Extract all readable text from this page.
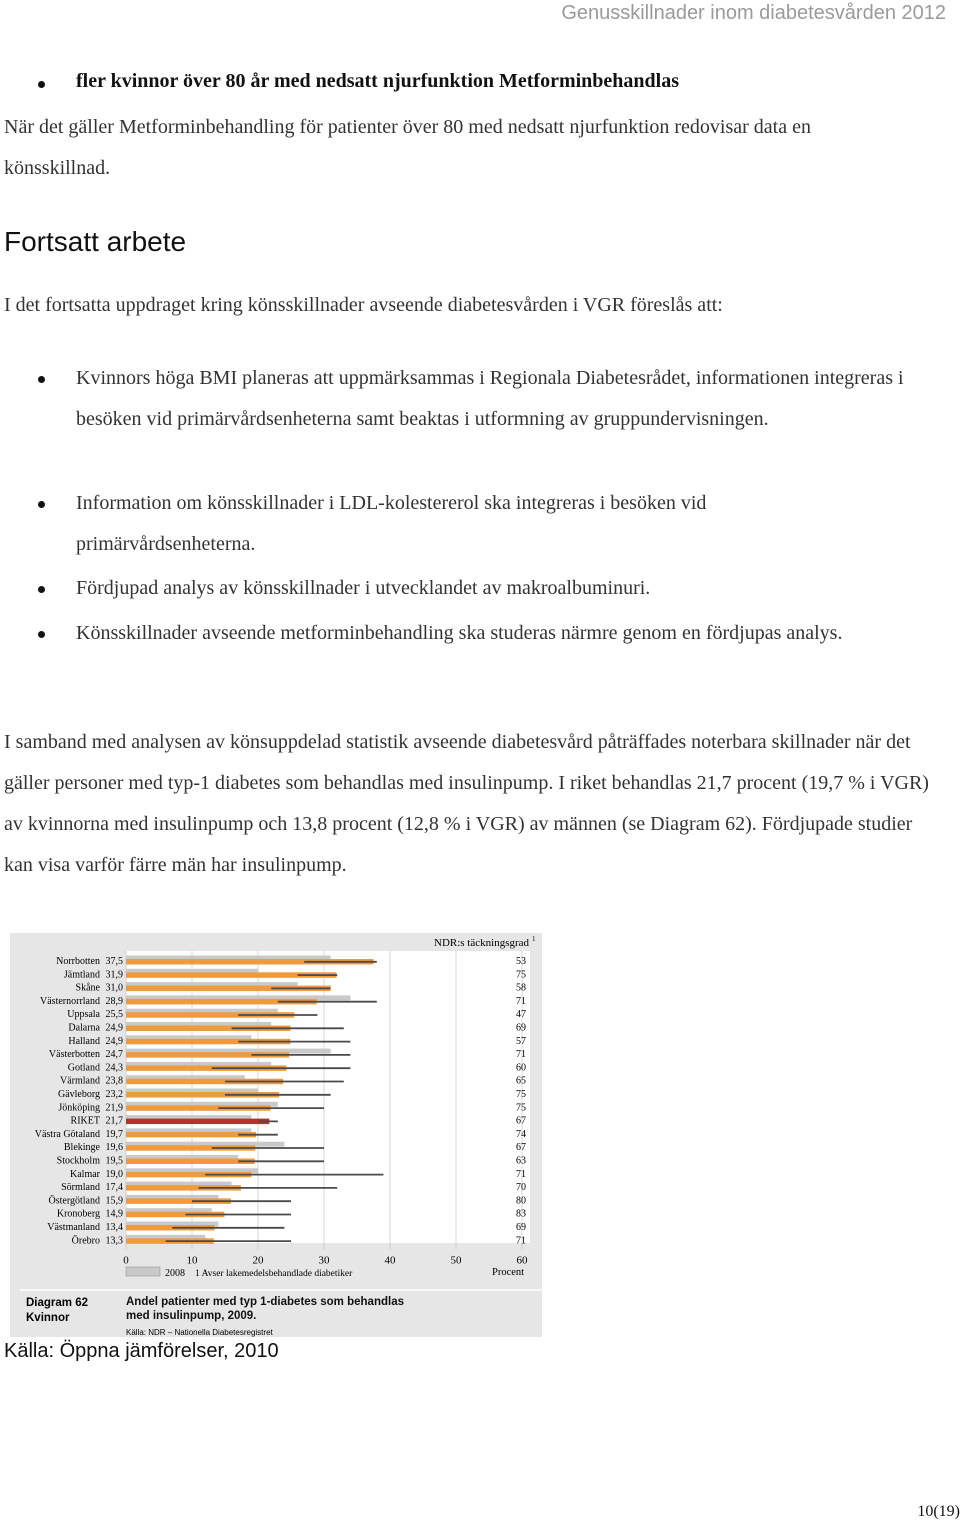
Genusskillnader inom diabetesvården 2012
fler kvinnor över 80 år med nedsatt njurfunktion Metforminbehandlas

När det gäller Metforminbehandling för patienter över 80 med nedsatt njurfunktion redovisar data en

könsskillnad.

Fortsatt arbete

I det fortsatta uppdraget kring könsskillnader avseende diabetesvården i VGR föreslås att:

Kvinnors höga BMI planeras att uppmärksammas i Regionala Diabetesrådet, informationen integreras i besöken vid primärvårdsenheterna samt beaktas i utformning av gruppundervisningen.
Information om könsskillnader i LDL-kolestererol ska integreras i besöken vid primärvårdsenheterna.
Fördjupad analys av könsskillnader i utvecklandet av makroalbuminuri.
Könsskillnader avseende metforminbehandling ska studeras närmre genom en fördjupas analys.

I samband med analysen av könsuppdelad statistik avseende diabetesvård påträffades noterbara skillnader när det gäller personer med typ-1 diabetes som behandlas med insulinpump. I riket behandlas 21,7 procent (19,7 % i VGR) av kvinnorna med insulinpump och 13,8 procent (12,8 % i VGR) av männen (se Diagram 62). Fördjupade studier kan visa varför färre män har insulinpump.

NDR:s täckningsgrad 1
Norrbotten 37,5	53
Jämtland 31,9	75
Skåne 31,0	58
Västernorrland 28,9	71
Uppsala 25,5	47
Dalarna 24,9	69
Halland 24,9	57
Västerbotten 24,7	71
Gotland 24,3	60
Värmland 23,8	65
Gävleborg 23,2	75
Jönköping 21,9	75
RIKET 21,7	67
Västra Götaland 19,7	74
Blekinge 19,6	67
Stockholm 19,5	63
Kalmar 19,0	71
Sörmland 17,4	70
Östergötland 15,9	80
Kronoberg 14,9	83
Västmanland 13,4	69
Örebro 13,3	71
0	10	20	30	40	50	60
2008 1 Avser lakemedelsbehandlade diabetiker	Procent
Diagram 62
Kvinnor
Andel patienter med typ 1-diabetes som behandlas med insulinpump, 2009.
Källa: NDR – Nationella Diabetesregistret
Källa: Öppna jämförelser, 2010
10(19)
